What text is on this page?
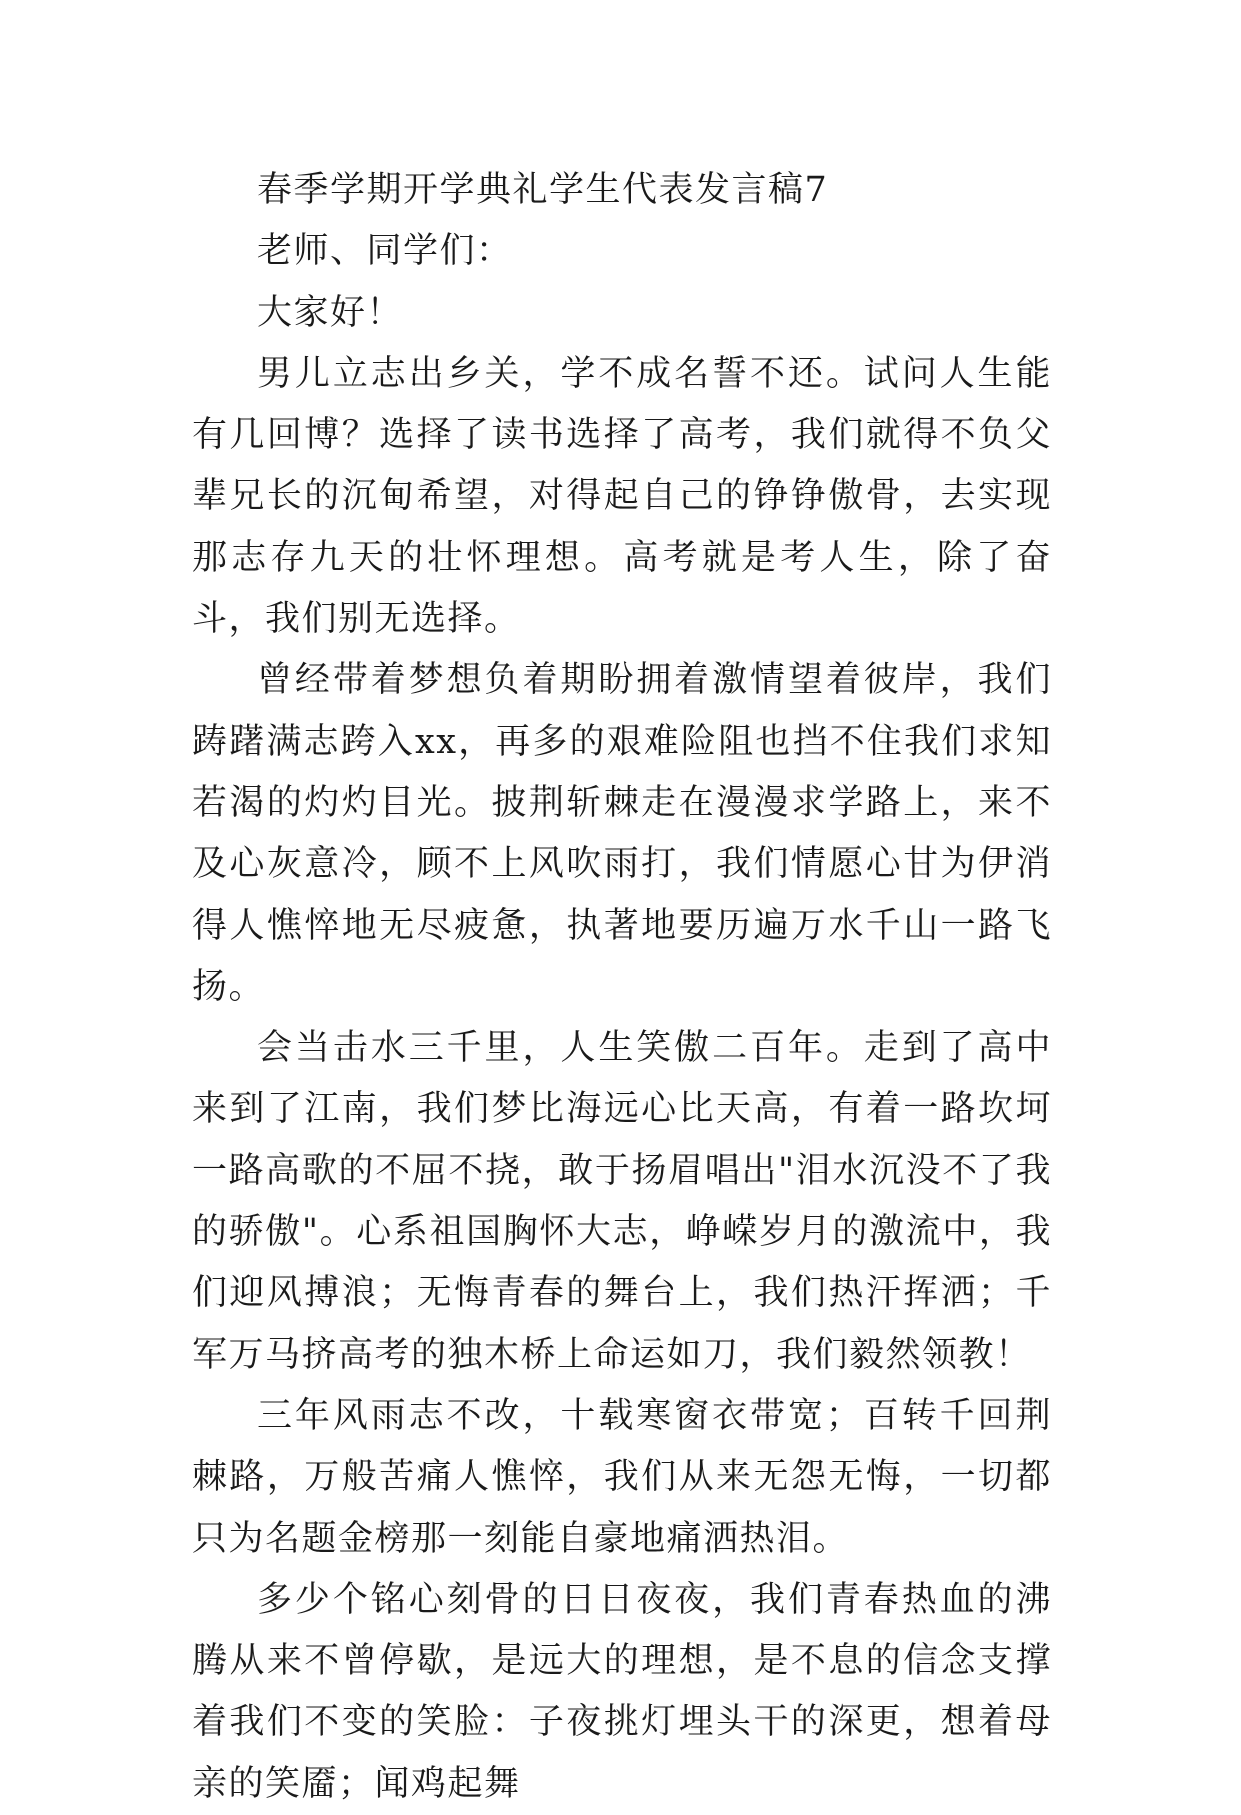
春季学期开学典礼学生代表发言稿7
老师、同学们：
大家好！

男儿立志出乡关，学不成名誓不还。试问人生能有几回博？选择了读书选择了高考，我们就得不负父辈兄长的沉甸希望，对得起自己的铮铮傲骨，去实现那志存九天的壮怀理想。高考就是考人生，除了奋斗，我们别无选择。

曾经带着梦想负着期盼拥着激情望着彼岸，我们踌躇满志跨入xx，再多的艰难险阻也挡不住我们求知若渴的灼灼目光。披荆斩棘走在漫漫求学路上，来不及心灰意冷，顾不上风吹雨打，我们情愿心甘为伊消得人憔悴地无尽疲惫，执著地要历遍万水千山一路飞扬。

会当击水三千里，人生笑傲二百年。走到了高中来到了江南，我们梦比海远心比天高，有着一路坎坷一路高歌的不屈不挠，敢于扬眉唱出"泪水沉没不了我的骄傲"。心系祖国胸怀大志，峥嵘岁月的激流中，我们迎风搏浪；无悔青春的舞台上，我们热汗挥洒；千军万马挤高考的独木桥上命运如刀，我们毅然领教！

三年风雨志不改，十载寒窗衣带宽；百转千回荆棘路，万般苦痛人憔悴，我们从来无怨无悔，一切都只为名题金榜那一刻能自豪地痛洒热泪。

多少个铭心刻骨的日日夜夜，我们青春热血的沸腾从来不曾停歇，是远大的理想，是不息的信念支撑着我们不变的笑脸：子夜挑灯埋头干的深更，想着母亲的笑靥；闻鸡起舞
